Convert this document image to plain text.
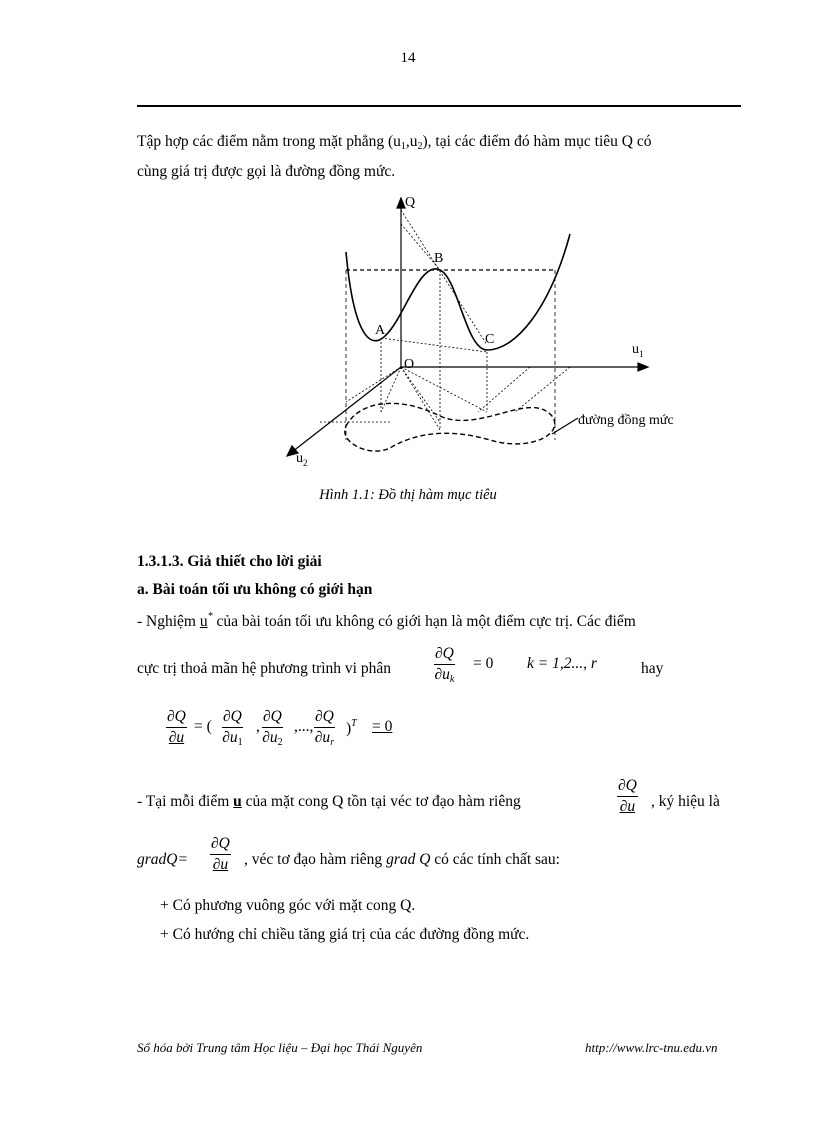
14
Tập hợp các điểm nằm trong mặt phẳng $(u_1,u_2)$, tại các điểm đó hàm mục tiêu Q có
cùng giá trị được gọi là đường đồng mức.
Q
B
A
C
O
$u_1$
$u_2$
đường đồng mức
Hình 1.1: Đồ thị hàm mục tiêu
1.3.1.3. Giả thiết cho lời giải
a. Bài toán tối ưu không có giới hạn
- Nghiệm u* của bài toán tối ưu không có giới hạn là một điểm cực trị. Các điểm
cực trị thoả mãn hệ phương trình vi phân	$\frac{\partial Q}{\partial u_k} = 0$ k = 1,2..., r	hay
$\frac{\partial Q}{\partial u}$ = ( $\frac{\partial Q}{\partial u_1}$ , $\frac{\partial Q}{\partial u_2}$ ,..., $\frac{\partial Q}{\partial u_r} )^T = 0$
- Tại mỗi điểm u của mặt cong Q tồn tại véc tơ đạo hàm riêng	$\frac{\partial Q}{\partial u}$ , ký hiệu là
gradQ= $\frac{\partial Q}{\partial u}$ , véc tơ đạo hàm riêng grad Q có các tính chất sau:
+ Có phương vuông góc với mặt cong Q.
+ Có hướng chỉ chiều tăng giá trị của các đường đồng mức.
Số hóa bởi Trung tâm Học liệu – Đại học Thái Nguyên	http://www.lrc-tnu.edu.vn
